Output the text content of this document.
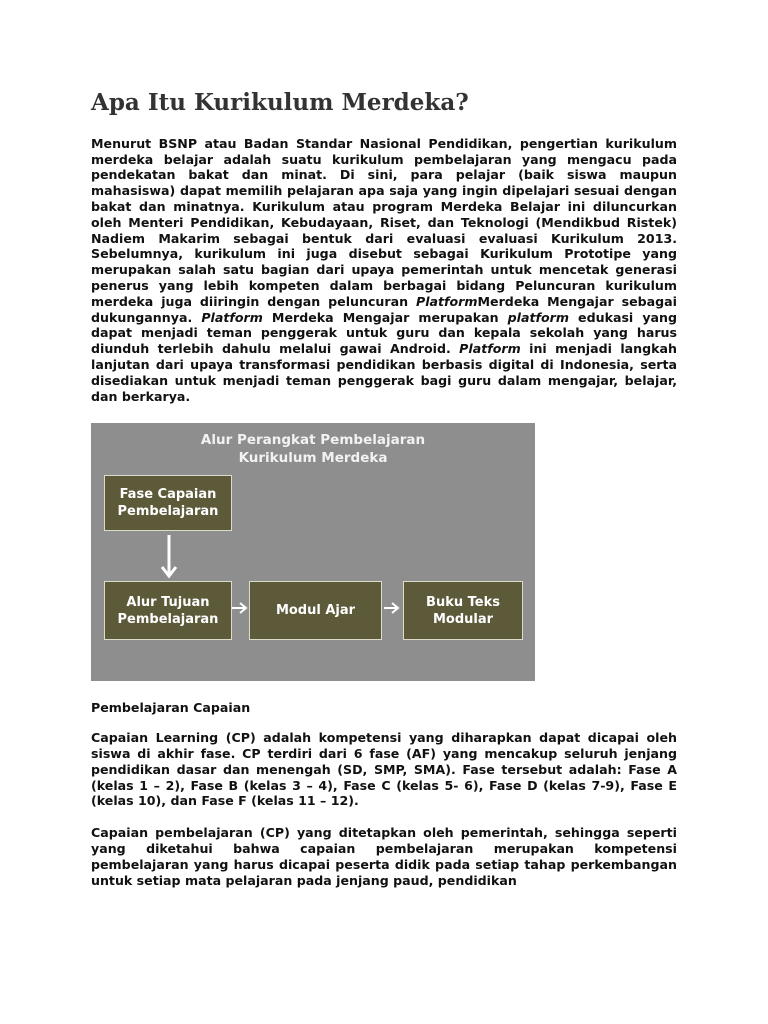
Apa Itu Kurikulum Merdeka?

Menurut BSNP atau Badan Standar Nasional Pendidikan, pengertian kurikulum merdeka belajar adalah suatu kurikulum pembelajaran yang mengacu pada pendekatan bakat dan minat. Di sini, para pelajar (baik siswa maupun mahasiswa) dapat memilih pelajaran apa saja yang ingin dipelajari sesuai dengan bakat dan minatnya. Kurikulum atau program Merdeka Belajar ini diluncurkan oleh Menteri Pendidikan, Kebudayaan, Riset, dan Teknologi (Mendikbud Ristek) Nadiem Makarim sebagai bentuk dari evaluasi evaluasi Kurikulum 2013. Sebelumnya, kurikulum ini juga disebut sebagai Kurikulum Prototipe yang merupakan salah satu bagian dari upaya pemerintah untuk mencetak generasi penerus yang lebih kompeten dalam berbagai bidang Peluncuran kurikulum merdeka juga diiringin dengan peluncuran PlatformMerdeka Mengajar sebagai dukungannya. Platform Merdeka Mengajar merupakan platform edukasi yang dapat menjadi teman penggerak untuk guru dan kepala sekolah yang harus diunduh terlebih dahulu melalui gawai Android. Platform ini menjadi langkah lanjutan dari upaya transformasi pendidikan berbasis digital di Indonesia, serta disediakan untuk menjadi teman penggerak bagi guru dalam mengajar, belajar, dan berkarya.

Alur Perangkat Pembelajaran
Kurikulum Merdeka
Fase Capaian
Pembelajaran
Alur Tujuan
Pembelajaran
Modul Ajar
Buku Teks
Modular
Pembelajaran Capaian

Capaian Learning (CP) adalah kompetensi yang diharapkan dapat dicapai oleh siswa di akhir fase. CP terdiri dari 6 fase (AF) yang mencakup seluruh jenjang pendidikan dasar dan menengah (SD, SMP, SMA). Fase tersebut adalah: Fase A (kelas 1 – 2), Fase B (kelas 3 – 4), Fase C (kelas 5- 6), Fase D (kelas 7-9), Fase E (kelas 10), dan Fase F (kelas 11 – 12).

Capaian pembelajaran (CP) yang ditetapkan oleh pemerintah, sehingga seperti yang diketahui bahwa capaian pembelajaran merupakan kompetensi pembelajaran yang harus dicapai peserta didik pada setiap tahap perkembangan untuk setiap mata pelajaran pada jenjang paud, pendidikan
